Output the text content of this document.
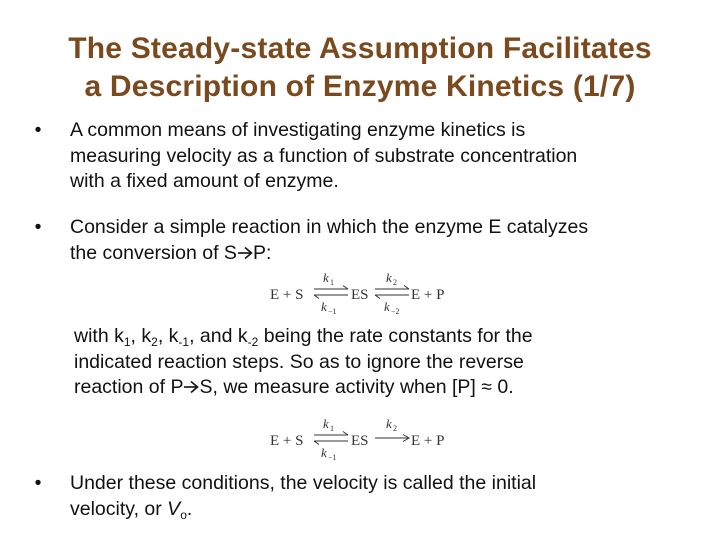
The Steady-state Assumption Facilitates
a Description of Enzyme Kinetics (1/7)
•	A common means of investigating enzyme kinetics is
measuring velocity as a function of substrate concentration
with a fixed amount of enzyme.
•	Consider a simple reaction in which the enzyme E catalyzes
the conversion of S P:
E + S
k 1
k −1
ES
k 2
k −2
E + P
with $k_1$, $k_2$, $k_{-1}$, and $k_{-2}$ being the rate constants for the
indicated reaction steps. So as to ignore the reverse
reaction of P S, we measure activity when [P] ≈ 0.
E + S
k 1
k −1
ES
k 2
E + P
•	Under these conditions, the velocity is called the initial
velocity, or $V_o$.
